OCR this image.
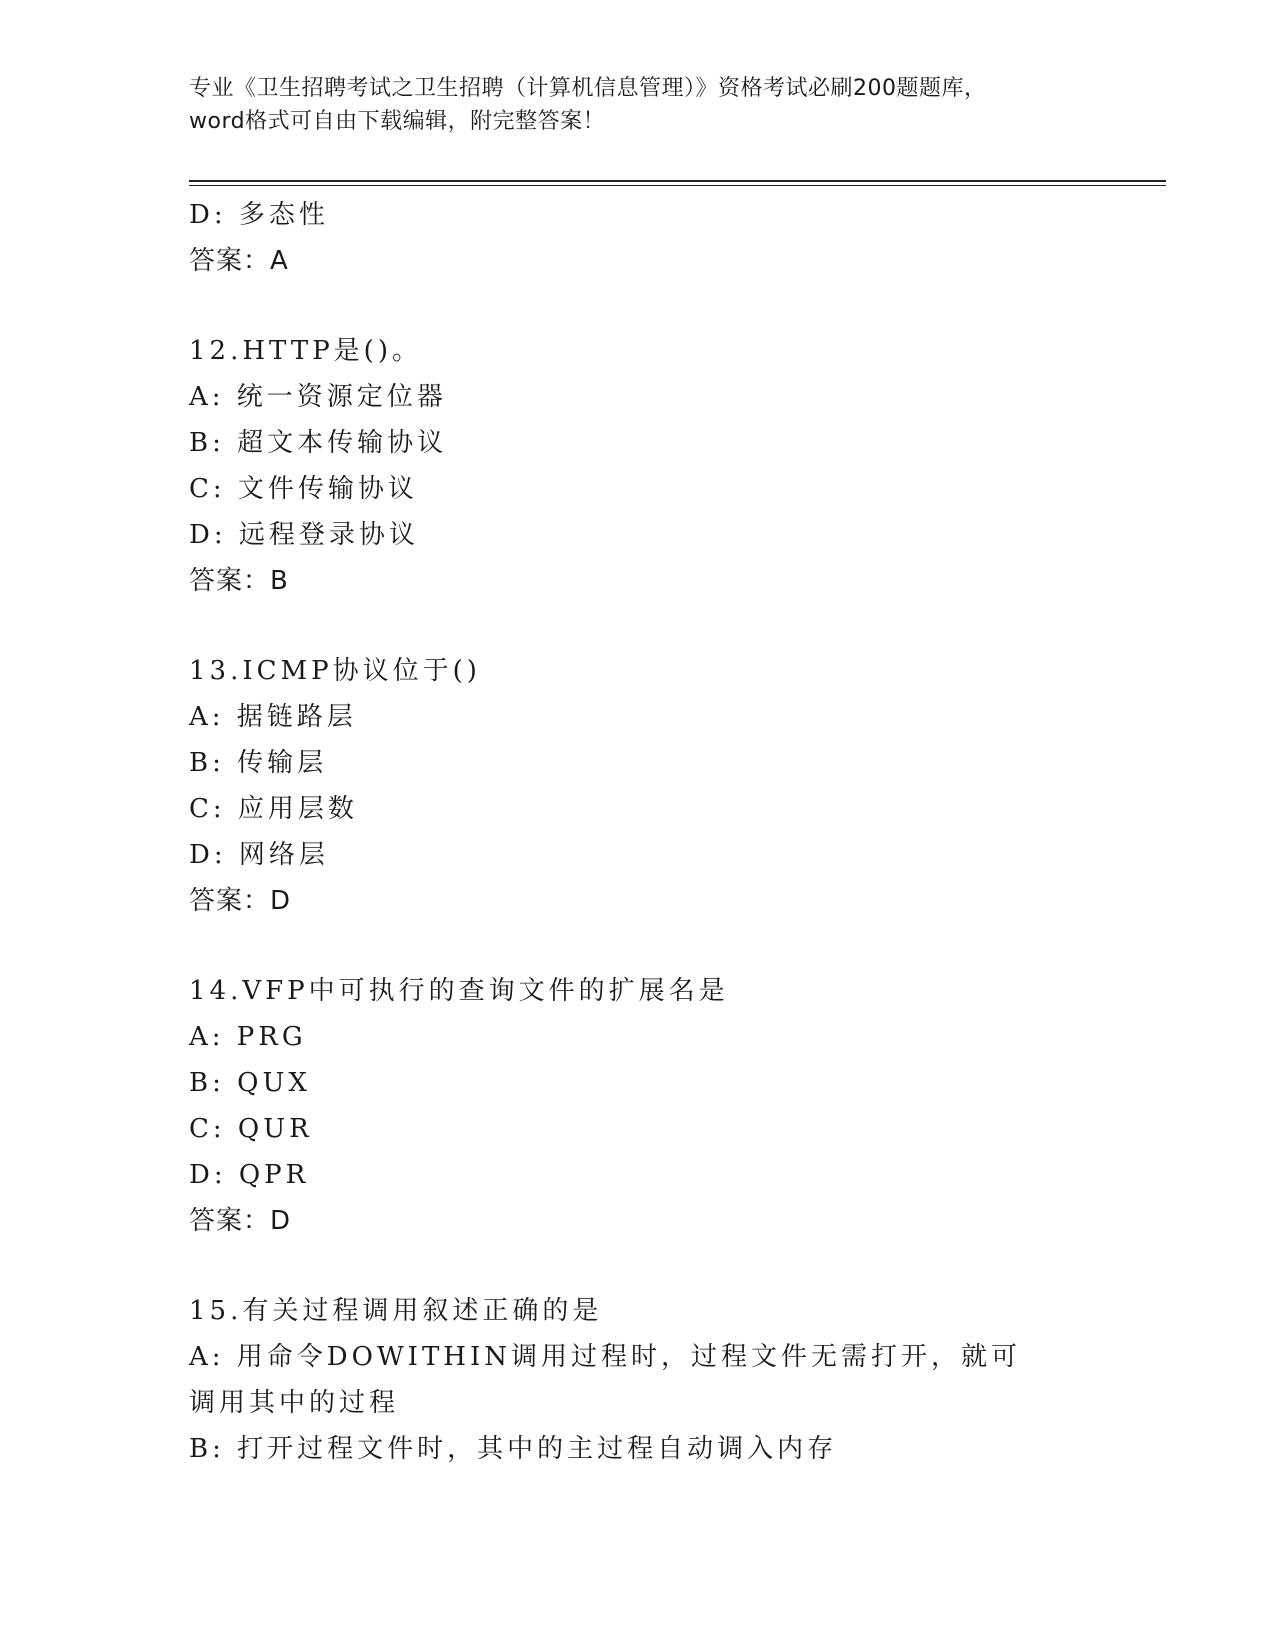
专业《卫生招聘考试之卫生招聘（计算机信息管理）》资格考试必刷200题题库，
word格式可自由下载编辑，附完整答案！
D: 多态性
答案：A
12.HTTP是()。
A: 统一资源定位器
B: 超文本传输协议
C: 文件传输协议
D: 远程登录协议
答案：B
13.ICMP协议位于()
A: 据链路层
B: 传输层
C: 应用层数
D: 网络层
答案：D
14.VFP中可执行的查询文件的扩展名是
A: PRG
B: QUX
C: QUR
D: QPR
答案：D
15.有关过程调用叙述正确的是
A: 用命令DOWITHIN调用过程时，过程文件无需打开，就可调用其中的过程
B: 打开过程文件时，其中的主过程自动调入内存
